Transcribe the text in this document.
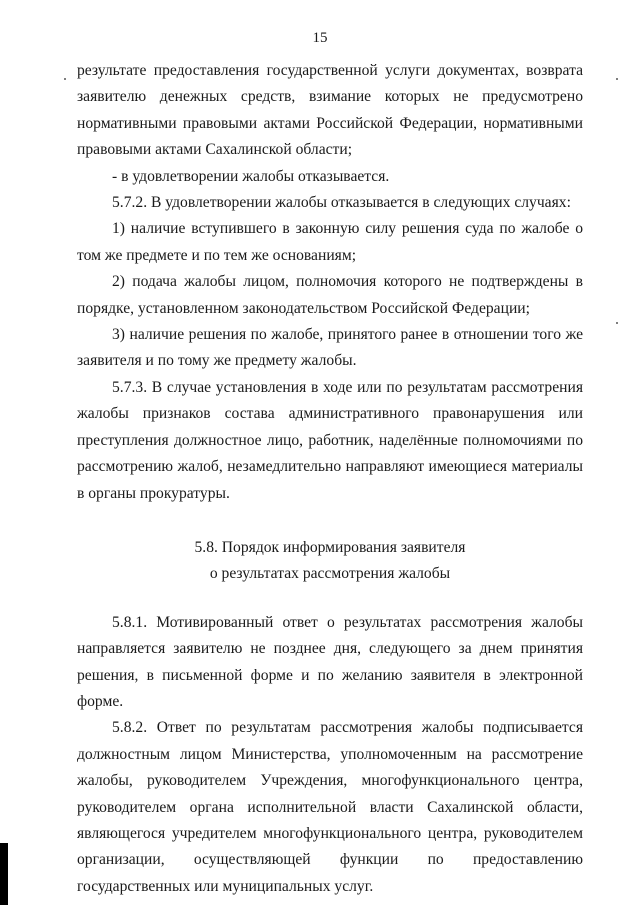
15

результате предоставления государственной услуги документах, возврата заявителю денежных средств, взимание которых не предусмотрено нормативными правовыми актами Российской Федерации, нормативными правовыми актами Сахалинской области;

- в удовлетворении жалобы отказывается.

5.7.2. В удовлетворении жалобы отказывается в следующих случаях:

1) наличие вступившего в законную силу решения суда по жалобе о том же предмете и по тем же основаниям;

2) подача жалобы лицом, полномочия которого не подтверждены в порядке, установленном законодательством Российской Федерации;

3) наличие решения по жалобе, принятого ранее в отношении того же заявителя и по тому же предмету жалобы.

5.7.3. В случае установления в ходе или по результатам рассмотрения жалобы признаков состава административного правонарушения или преступления должностное лицо, работник, наделённые полномочиями по рассмотрению жалоб, незамедлительно направляют имеющиеся материалы в органы прокуратуры.

5.8. Порядок информирования заявителя
о результатах рассмотрения жалобы

5.8.1. Мотивированный ответ о результатах рассмотрения жалобы направляется заявителю не позднее дня, следующего за днем принятия решения, в письменной форме и по желанию заявителя в электронной форме.

5.8.2. Ответ по результатам рассмотрения жалобы подписывается должностным лицом Министерства, уполномоченным на рассмотрение жалобы, руководителем Учреждения, многофункционального центра, руководителем органа исполнительной власти Сахалинской области, являющегося учредителем многофункционального центра, руководителем организации, осуществляющей функции по предоставлению государственных или муниципальных услуг.
